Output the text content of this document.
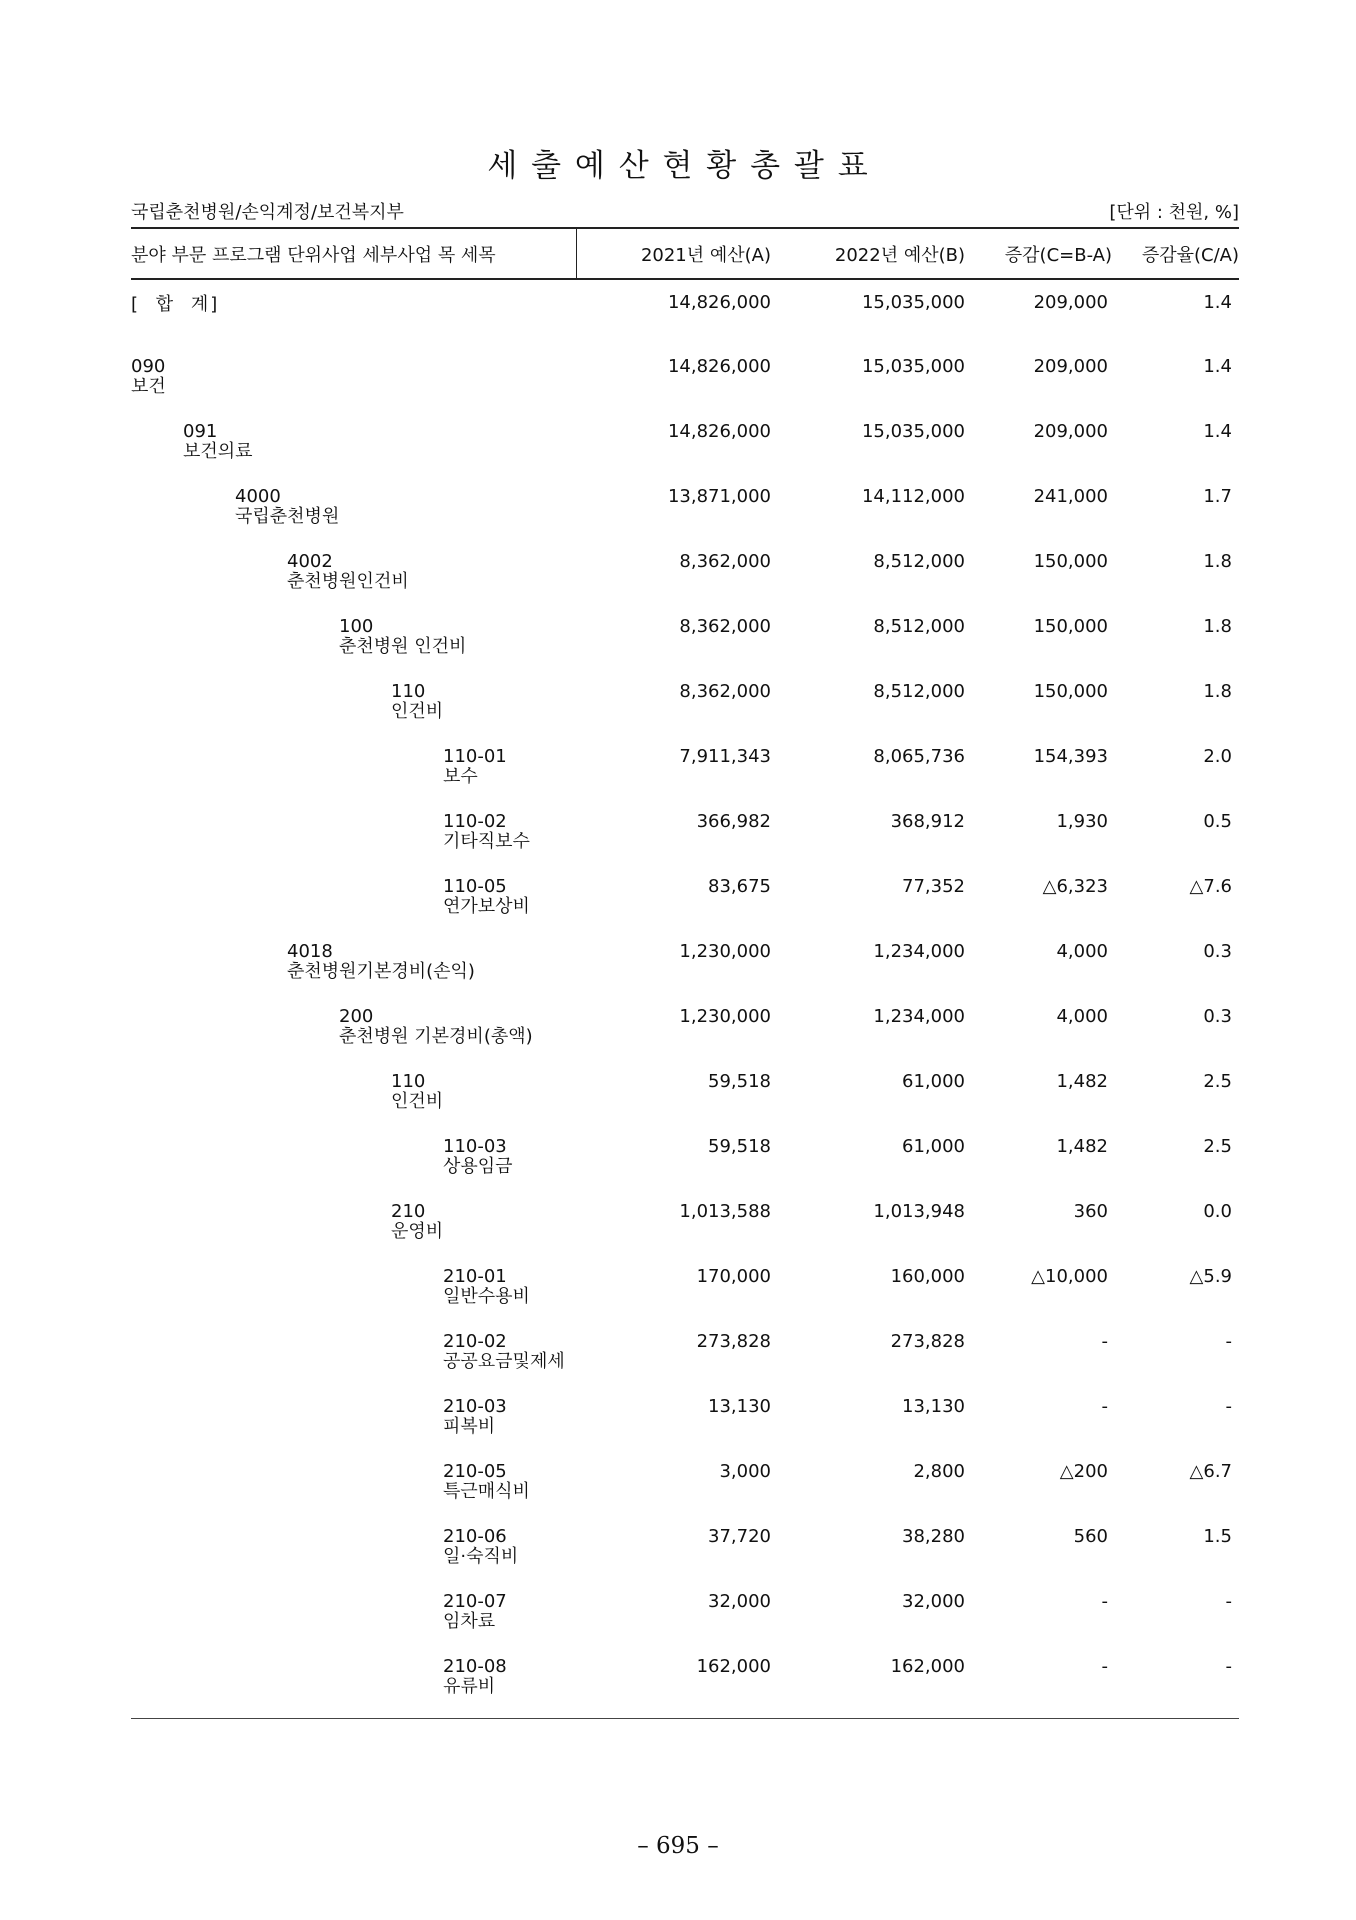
세 출 예 산 현 황 총 괄 표
국립춘천병원/손익계정/보건복지부	[단위 : 천원, %]
분야 부문 프로그램 단위사업 세부사업 목 세목	2021년 예산(A)	2022년 예산(B) 증감(C=B-A) 증감율(C/A)
[ 합 계]	14,826,000	15,035,000	209,000	1.4
090
보건
14,826,000	15,035,000	209,000	1.4
091
보건의료
14,826,000	15,035,000	209,000	1.4
4000
국립춘천병원
13,871,000	14,112,000	241,000	1.7
4002
춘천병원인건비
8,362,000	8,512,000	150,000	1.8
100
춘천병원 인건비
8,362,000	8,512,000	150,000	1.8
110
인건비
8,362,000	8,512,000	150,000	1.8
110-01
보수
7,911,343	8,065,736	154,393	2.0
110-02
기타직보수
366,982	368,912	1,930	0.5
110-05
연가보상비
83,675	77,352	△6,323	△7.6
4018
춘천병원기본경비(손익)
1,230,000	1,234,000	4,000	0.3
200
춘천병원 기본경비(총액)
1,230,000	1,234,000	4,000	0.3
110
인건비
59,518	61,000	1,482	2.5
110-03
상용임금
59,518	61,000	1,482	2.5
210
운영비
1,013,588	1,013,948	360	0.0
210-01
일반수용비
170,000	160,000	△10,000	△5.9
210-02
공공요금및제세
273,828	273,828	-	-
210-03
피복비
13,130	13,130	-	-
210-05
특근매식비
3,000	2,800	△200	△6.7
210-06
일·숙직비
37,720	38,280	560	1.5
210-07
임차료
32,000	32,000	-	-
210-08
유류비
162,000	162,000	-	-
– 695 –
